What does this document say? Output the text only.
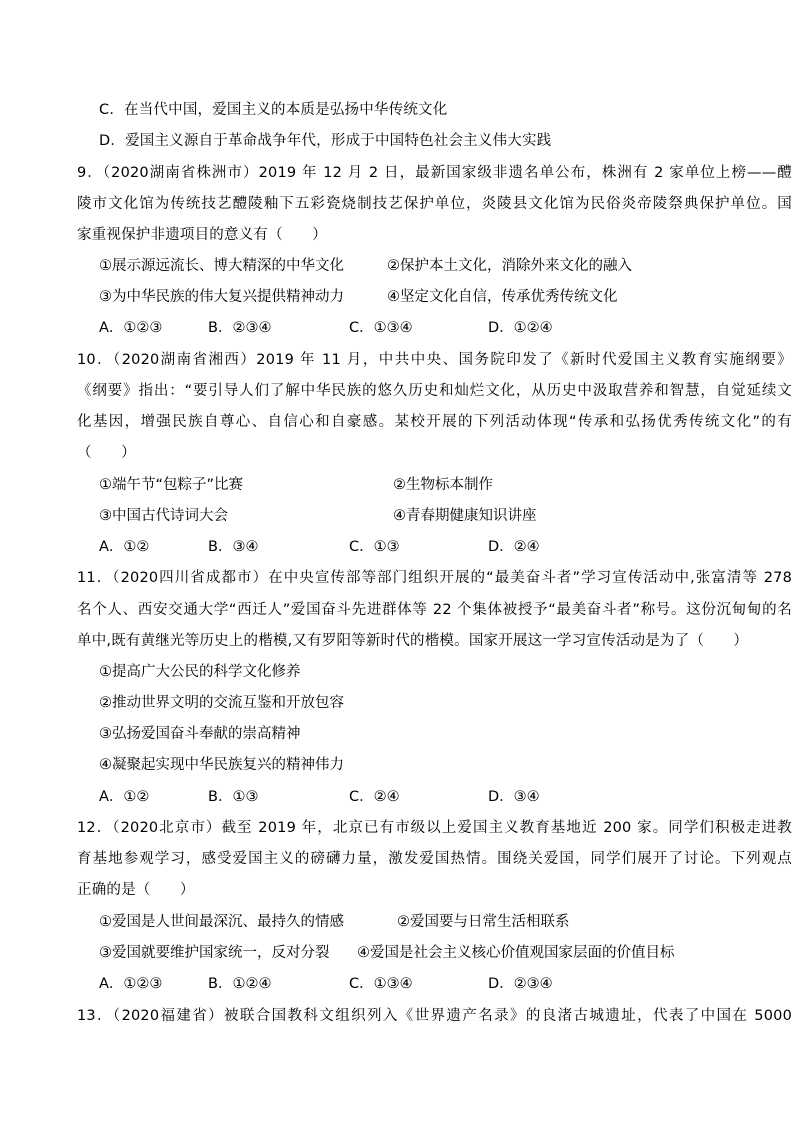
C．在当代中国，爱国主义的本质是弘扬中华传统文化
D．爱国主义源自于革命战争年代，形成于中国特色社会主义伟大实践
9．（2020湖南省株洲市）2019 年 12 月 2 日，最新国家级非遗名单公布，株洲有 2 家单位上榜——醴
陵市文化馆为传统技艺醴陵釉下五彩瓷烧制技艺保护单位，炎陵县文化馆为民俗炎帝陵祭典保护单位。国
家重视保护非遗项目的意义有（　　）
①展示源远流长、博大精深的中华文化	②保护本土文化，消除外来文化的融入
③为中华民族的伟大复兴提供精神动力	④坚定文化自信，传承优秀传统文化
A．①②③	B．②③④	C．①③④	D．①②④
10．（2020湖南省湘西）2019 年 11 月，中共中央、国务院印发了《新时代爱国主义教育实施纲要》
《纲要》指出：“要引导人们了解中华民族的悠久历史和灿烂文化，从历史中汲取营养和智慧，自觉延续文
化基因，增强民族自尊心、自信心和自豪感。某校开展的下列活动体现“传承和弘扬优秀传统文化”的有
（　　）
①端午节“包粽子”比赛	②生物标本制作
③中国古代诗词大会	④青春期健康知识讲座
A．①②	B．③④	C．①③	D．②④
11．（2020四川省成都市）在中央宣传部等部门组织开展的“最美奋斗者”学习宣传活动中,张富清等 278
名个人、西安交通大学“西迁人”爱国奋斗先进群体等 22 个集体被授予“最美奋斗者”称号。这份沉甸甸的名
单中,既有黄继光等历史上的楷模,又有罗阳等新时代的楷模。国家开展这一学习宣传活动是为了（　　）
①提高广大公民的科学文化修养
②推动世界文明的交流互鉴和开放包容
③弘扬爱国奋斗奉献的崇高精神
④凝聚起实现中华民族复兴的精神伟力
A．①②	B．①③	C．②④	D．③④
12．（2020北京市）截至 2019 年，北京已有市级以上爱国主义教育基地近 200 家。同学们积极走进教
育基地参观学习，感受爱国主义的磅礴力量，激发爱国热情。围绕关爱国，同学们展开了讨论。下列观点
正确的是（　　）
①爱国是人世间最深沉、最持久的情感	②爱国要与日常生活相联系
③爱国就要维护国家统一，反对分裂 ④爱国是社会主义核心价值观国家层面的价值目标
A．①②③	B．①②④	C．①③④	D．②③④
13．（2020福建省）被联合国教科文组织列入《世界遗产名录》的良渚古城遗址，代表了中国在 5000
